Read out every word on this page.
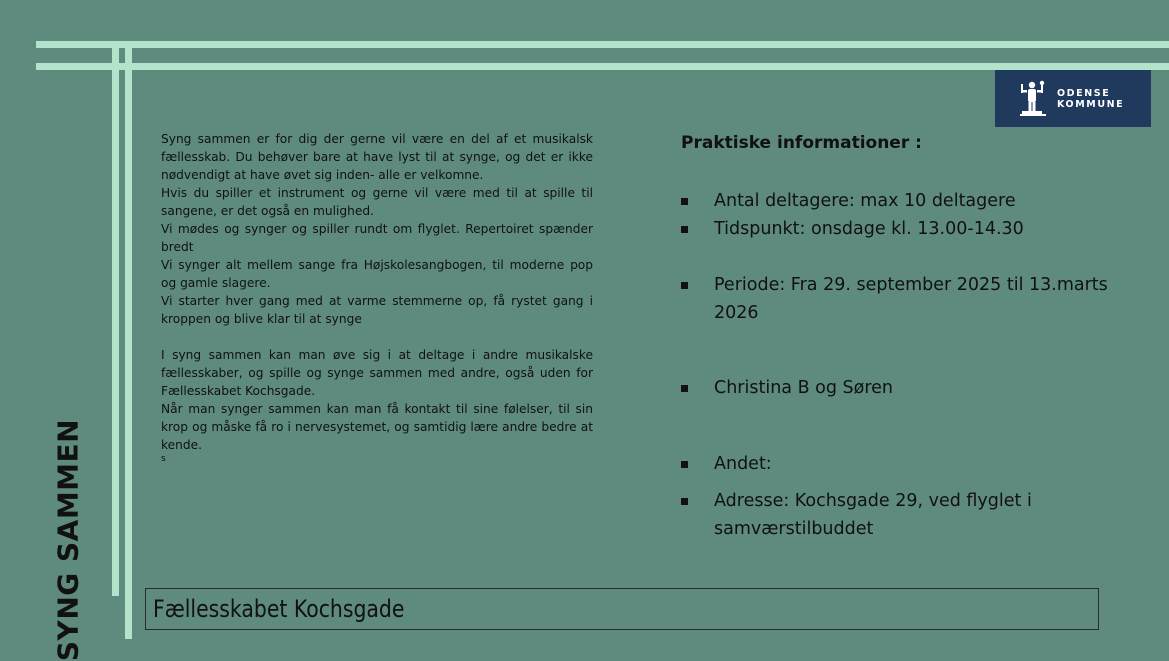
ODENSE
KOMMUNE

Syng sammen er for dig der gerne vil være en del af et musikalsk fællesskab. Du behøver bare at have lyst til at synge, og det er ikke nødvendigt at have øvet sig inden- alle er velkomne.

Hvis du spiller et instrument og gerne vil være med til at spille til sangene, er det også en mulighed.

Vi mødes og synger og spiller rundt om flyglet. Repertoiret spænder bredt

Vi synger alt mellem sange fra Højskolesangbogen, til moderne pop og gamle slagere.

Vi starter hver gang med at varme stemmerne op, få rystet gang i kroppen og blive klar til at synge

I syng sammen kan man øve sig i at deltage i andre musikalske fællesskaber, og spille og synge sammen med andre, også uden for Fællesskabet Kochsgade.

Når man synger sammen kan man få kontakt til sine følelser, til sin krop og måske få ro i nervesystemet, og samtidig lære andre bedre at kende.

s

Praktiske informationer :
Antal deltagere: max 10 deltagere
Tidspunkt: onsdage kl. 13.00-14.30
Periode: Fra 29. september 2025 til 13.marts 2026
Christina B og Søren
Andet:
Adresse: Kochsgade 29, ved flyglet i samværstilbuddet
SYNG SAMMEN	Fællesskabet Kochsgade
